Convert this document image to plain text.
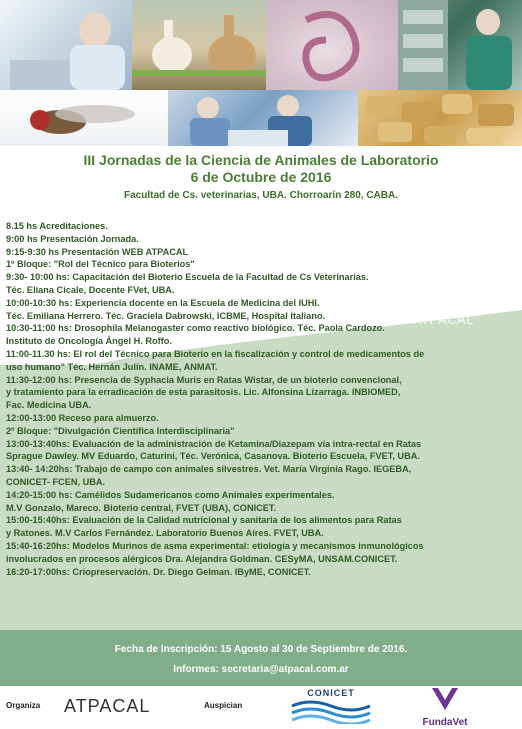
III Jornadas de la Ciencia de Animales de Laboratorio
6 de Octubre de 2016
Facultad de Cs. veterinarias, UBA. Chorroarín 280, CABA.
ATPACAL
8.15 hs Acreditaciones.
9:00 hs Presentación Jornada.
9:15-9:30 hs Presentación WEB ATPACAL
1º Bloque: "Rol del Técnico para Bioterios"
9:30- 10:00 hs: Capacitación del Bioterio Escuela de la Facultad de Cs Veterinarias.
Téc. Eliana Cicale, Docente FVet, UBA.
10:00-10:30 hs: Experiencia docente en la Escuela de Medicina del IUHI.
Téc. Emiliana Herrero. Téc. Graciela Dabrowski, ICBME, Hospital Italiano.
10:30-11:00 hs: Drosophila Melanogaster como reactivo biológico. Téc. Paola Cardozo.
Instituto de Oncología Ángel H. Roffo.
11:00-11.30 hs: El rol del Técnico para Bioterio en la fiscalización y control de medicamentos de
uso humano" Téc. Hernán Julín. INAME, ANMAT.
11:30-12:00 hs: Presencia de Syphacia Muris en Ratas Wistar, de un bioterio convencional,
y tratamiento para la erradicación de esta parasitosis. Lic. Alfonsina Lizarraga. INBIOMED,
Fac. Medicina UBA.
12:00-13:00 Receso para almuerzo.
2º Bloque: "Divulgación Científica Interdisciplinaria"
13:00-13:40hs: Evaluación de la administración de Ketamina/Diazepam vía intra-rectal en Ratas
Sprague Dawley. MV Eduardo, Caturini, Téc. Verónica, Casanova. Bioterio Escuela, FVET, UBA.
13:40- 14:20hs: Trabajo de campo con animales silvestres. Vet. María Virginia Rago. IEGEBA,
CONICET- FCEN, UBA.
14:20-15:00 hs: Camélidos Sudamericanos como Animales experimentales.
M.V Gonzalo, Mareco. Bioterio central, FVET (UBA), CONICET.
15:00-15:40hs: Evaluación de la Calidad nutricional y sanitaria de los alimentos para Ratas
y Ratones. M.V Carlos Fernández. Laboratorio Buenos Aires. FVET, UBA.
15:40-16:20hs: Modelos Murinos de asma experimental: etiología y mecanismos inmunológicos
involucrados en procesos alérgicos Dra. Alejandra Goldman. CESyMA, UNSAM.CONICET.
16:20-17:00hs: Criopreservación. Dr. Diego Gelman. IByME, CONICET.
Fecha de Inscripción: 15 Agosto al 30 de Septiembre de 2016.
Informes: secretaria@atpacal.com.ar
Organiza ATPACAL	Auspician
CONICET
FundaVet
